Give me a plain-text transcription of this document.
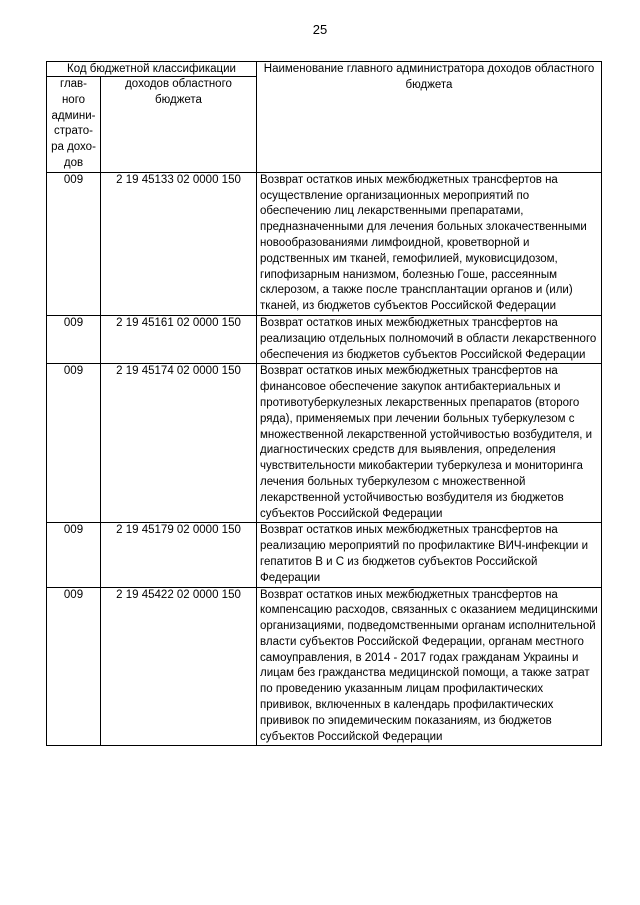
25
Код бюджетной классификации		Наименование главного администратора доходов областного бюджета
глав-ного админи-страто-ра дохо-дов	доходов областного бюджета	
009	2 19 45133 02 0000 150	Возврат остатков иных межбюджетных трансфертов на осуществление организационных мероприятий по обеспечению лиц лекарственными препаратами, предназначенными для лечения больных злокачественными новообразованиями лимфоидной, кроветворной и родственных им тканей, гемофилией, муковисцидозом, гипофизарным нанизмом, болезнью Гоше, рассеянным склерозом, а также после трансплантации органов и (или) тканей, из бюджетов субъектов Российской Федерации
009	2 19 45161 02 0000 150	Возврат остатков иных межбюджетных трансфертов на реализацию отдельных полномочий в области лекарственного обеспечения из бюджетов субъектов Российской Федерации
009	2 19 45174 02 0000 150	Возврат остатков иных межбюджетных трансфертов на финансовое обеспечение закупок антибактериальных и противотуберкулезных лекарственных препаратов (второго ряда), применяемых при лечении больных туберкулезом с множественной лекарственной устойчивостью возбудителя, и диагностических средств для выявления, определения чувствительности микобактерии туберкулеза и мониторинга лечения больных туберкулезом с множественной лекарственной устойчивостью возбудителя из бюджетов субъектов Российской Федерации
009	2 19 45179 02 0000 150	Возврат остатков иных межбюджетных трансфертов на реализацию мероприятий по профилактике ВИЧ-инфекции и гепатитов B и C из бюджетов субъектов Российской Федерации
009	2 19 45422 02 0000 150	Возврат остатков иных межбюджетных трансфертов на компенсацию расходов, связанных с оказанием медицинскими организациями, подведомственными органам исполнительной власти субъектов Российской Федерации, органам местного самоуправления, в 2014 - 2017 годах гражданам Украины и лицам без гражданства медицинской помощи, а также затрат по проведению указанным лицам профилактических прививок, включенных в календарь профилактических прививок по эпидемическим показаниям, из бюджетов субъектов Российской Федерации
